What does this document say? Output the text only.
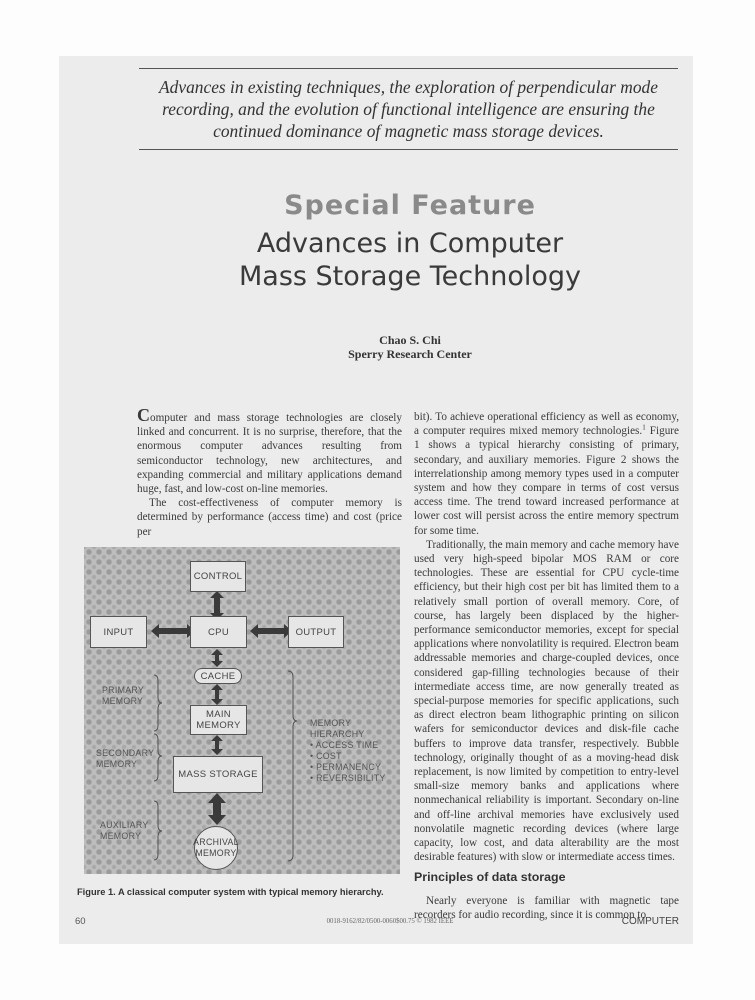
Advances in existing techniques, the exploration of perpendicular mode recording, and the evolution of functional intelligence are ensuring the continued dominance of magnetic mass storage devices.
Special Feature
Advances in Computer
Mass Storage Technology
Chao S. Chi
Sperry Research Center

Computer and mass storage technologies are closely linked and concurrent. It is no surprise, therefore, that the enormous computer advances resulting from semiconductor technology, new architectures, and expanding commercial and military applications demand huge, fast, and low-cost on-line memories.

The cost-effectiveness of computer memory is determined by performance (access time) and cost (price per

bit). To achieve operational efficiency as well as economy, a computer requires mixed memory technologies.$^1$ Figure 1 shows a typical hierarchy consisting of primary, secondary, and auxiliary memories. Figure 2 shows the interrelationship among memory types used in a computer system and how they compare in terms of cost versus access time. The trend toward increased performance at lower cost will persist across the entire memory spectrum for some time.

Traditionally, the main memory and cache memory have used very high-speed bipolar MOS RAM or core technologies. These are essential for CPU cycle-time efficiency, but their high cost per bit has limited them to a relatively small portion of overall memory. Core, of course, has largely been displaced by the higher-performance semiconductor memories, except for special applications where nonvolatility is required. Electron beam addressable memories and charge-coupled devices, once considered gap-filling technologies because of their intermediate access time, are now generally treated as special-purpose memories for specific applications, such as direct electron beam lithographic printing on silicon wafers for semiconductor devices and disk-file cache buffers to improve data transfer, respectively. Bubble technology, originally thought of as a moving-head disk replacement, is now limited by competition to entry-level small-size memory banks and applications where nonmechanical reliability is important. Secondary on-line and off-line archival memories have exclusively used nonvolatile magnetic recording devices (where large capacity, low cost, and data alterability are the most desirable features) with slow or intermediate access times.

Principles of data storage

Nearly everyone is familiar with magnetic tape recorders for audio recording, since it is common to

CONTROL
INPUT	CPU	OUTPUT
CACHE
MAIN
MEMORY
MASS STORAGE
ARCHIVAL
MEMORY
PRIMARY
MEMORY
SECONDARY
MEMORY
AUXILIARY
MEMORY
MEMORY HIERARCHY
• ACCESS TIME
• COST
• PERMANENCY
• REVERSIBILITY
Figure 1. A classical computer system with typical memory hierarchy.
60	0018-9162/82/0500-0060$00.75 © 1982 IEEE	COMPUTER
